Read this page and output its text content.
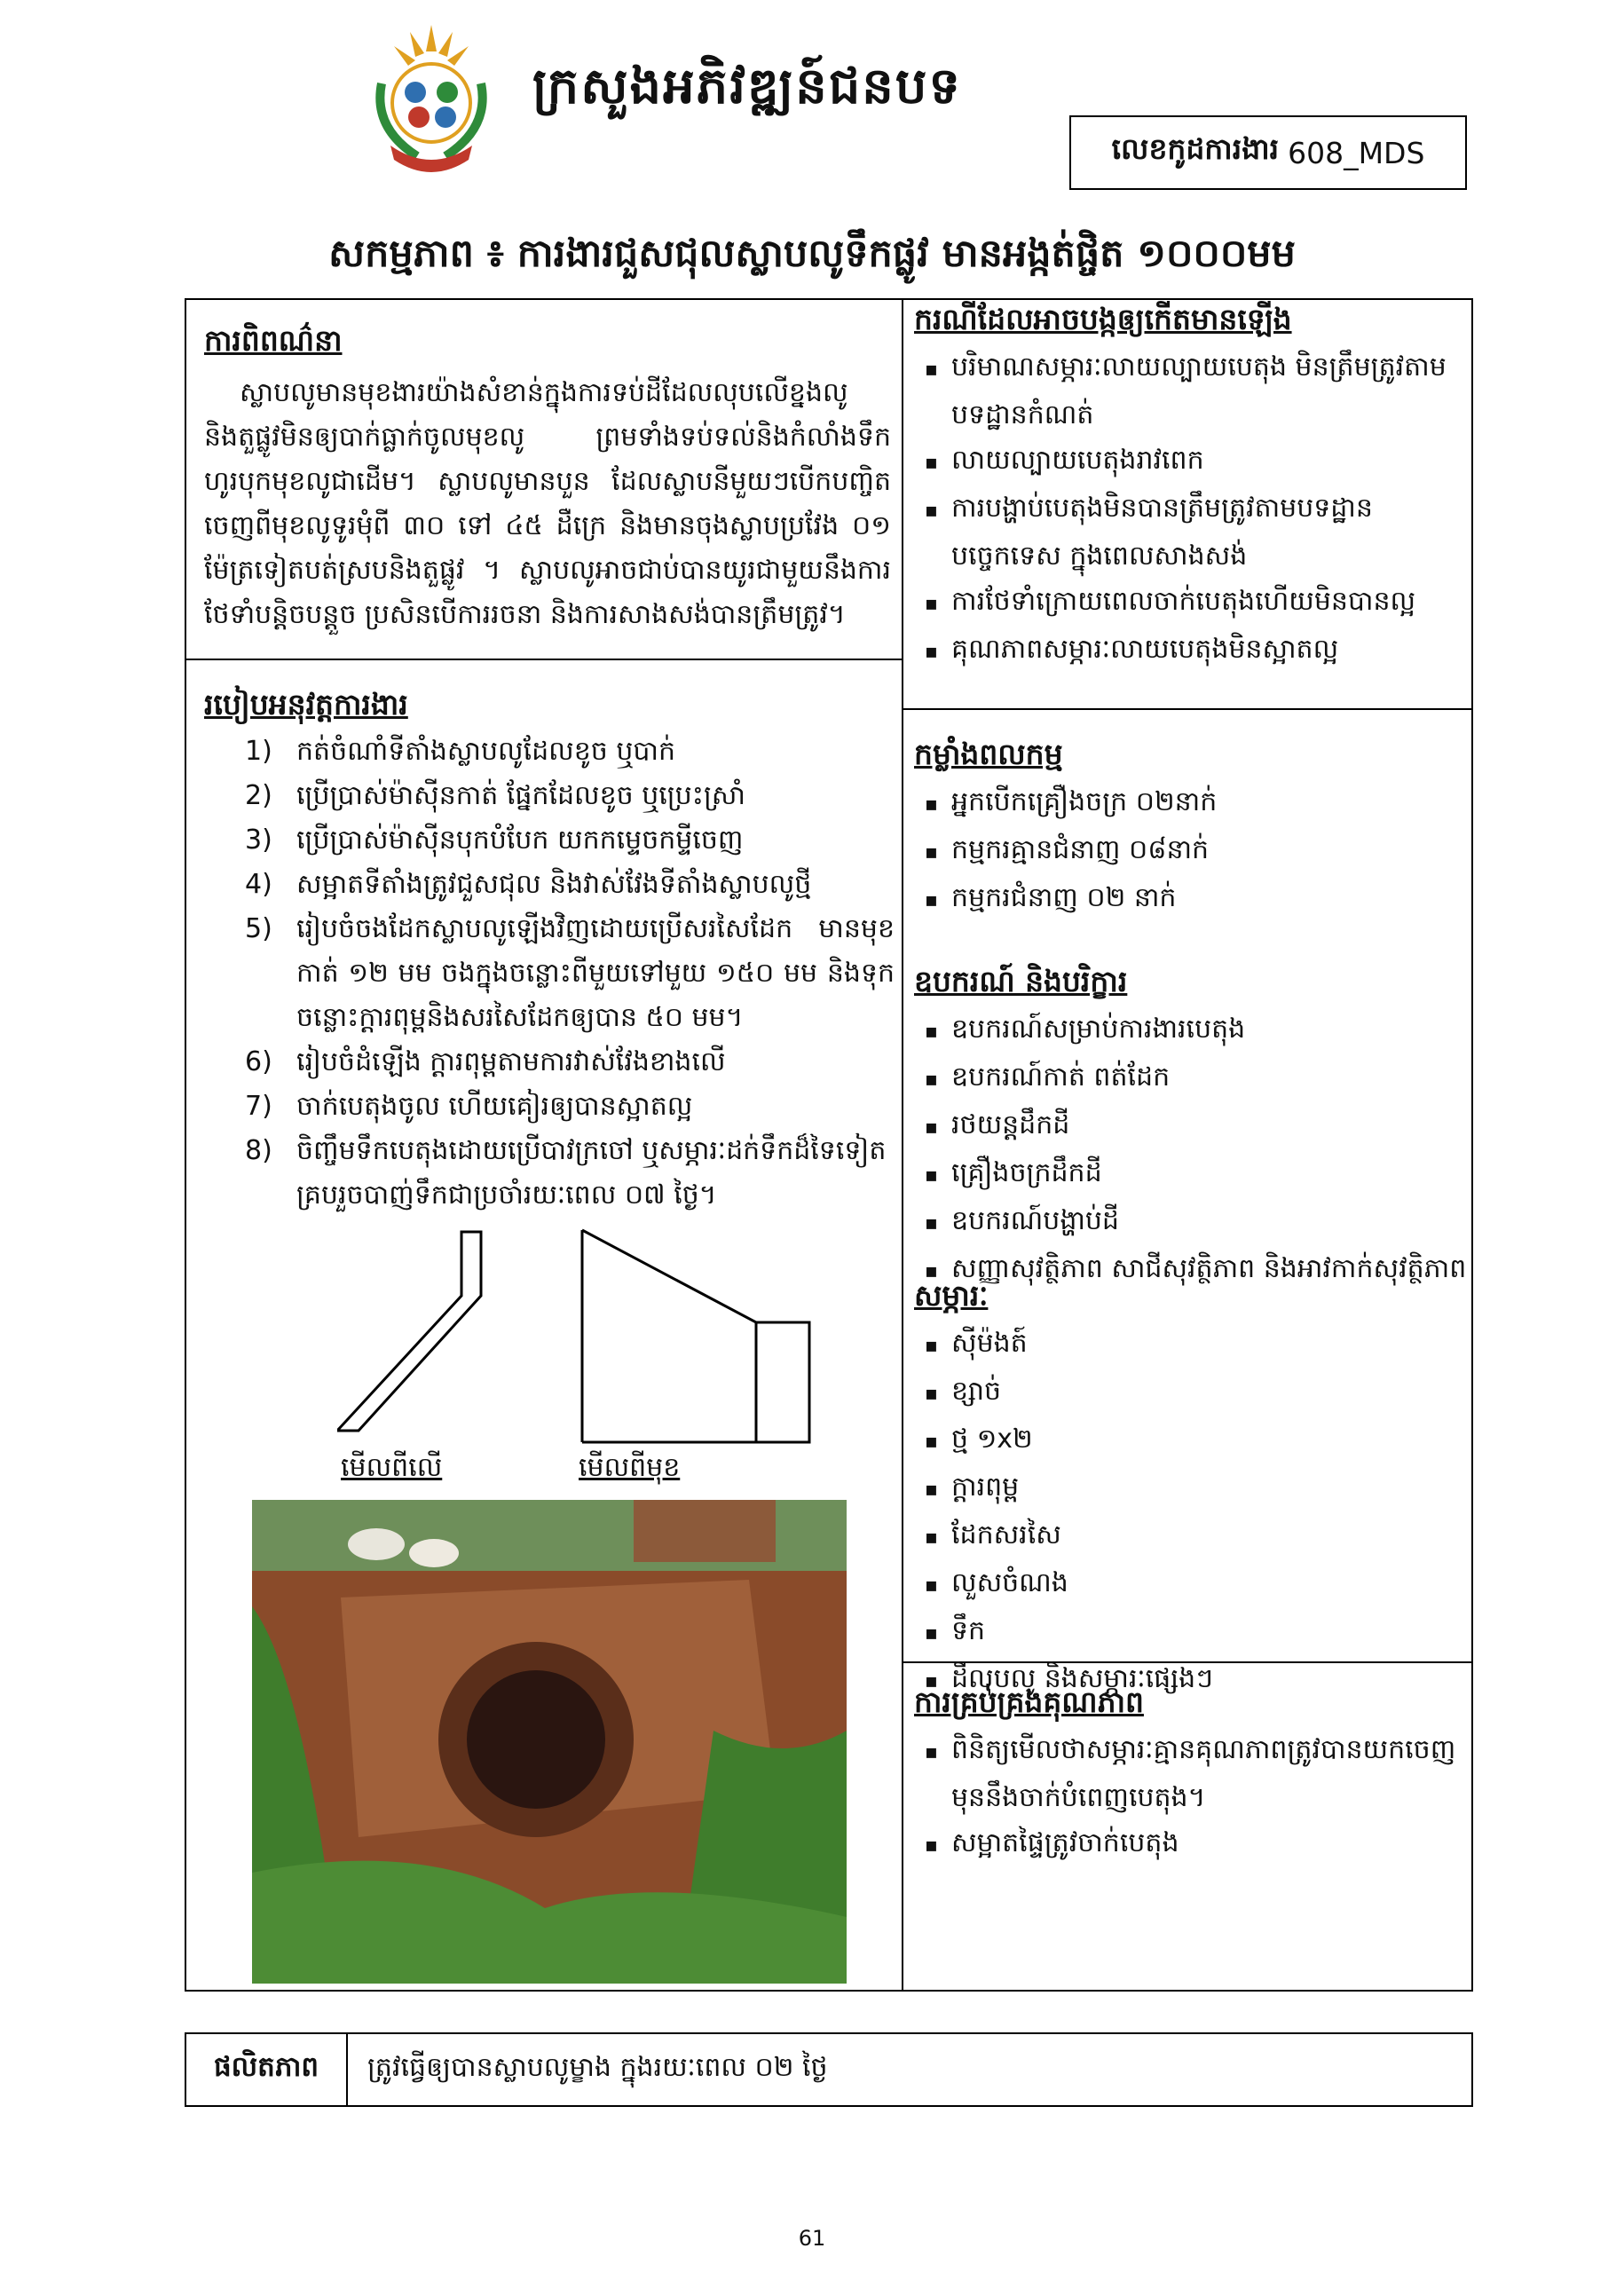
ក្រសួងអភិវឌ្ឍន៍ជនបទ
លេខកូដការងារ 608_MDS
សកម្មភាព ៖ ការងារជួសជុលស្លាបលូទឹកផ្លូវ មានអង្កត់ផ្ចិត ១០០០មម
ការពិពណ៌នា
ស្លាបលូមានមុខងារយ៉ាងសំខាន់ក្នុងការទប់ដីដែលលុបលើខ្នងលូ និងតួផ្លូវមិនឲ្យបាក់ធ្លាក់ចូលមុខលូ ព្រមទាំងទប់ទល់និងកំលាំងទឹកហូរបុកមុខលូជាដើម។ ស្លាបលូមានបួន ដែលស្លាបនីមួយៗបើកបញ្ចិតចេញពីមុខលូទូរមុំពី ៣០ ទៅ ៤៥ ដឺក្រេ និងមានចុងស្លាបប្រវែង ០១ ម៉ែត្រទៀតបត់ស្របនិងតួផ្លូវ ។ ស្លាបលូអាចជាប់បានយូរជាមួយនឹងការថែទាំបន្តិចបន្តួច ប្រសិនបើការរចនា និងការសាងសង់បានត្រឹមត្រូវ។
ករណីដែលអាចបង្កឲ្យកើតមានឡើង
▪ បរិមាណសម្ភារៈលាយល្បាយបេតុង មិនត្រឹមត្រូវតាមបទដ្ឋានកំណត់
▪ លាយល្បាយបេតុងរាវពេក
▪ ការបង្ហាប់បេតុងមិនបានត្រឹមត្រូវតាមបទដ្ឋានបច្ចេកទេស ក្នុងពេលសាងសង់
▪ ការថែទាំក្រោយពេលចាក់បេតុងហើយមិនបានល្អ
▪ គុណភាពសម្ភារៈលាយបេតុងមិនស្អាតល្អ
របៀបអនុវត្តការងារ
1) កត់ចំណាំទីតាំងស្លាបលូដែលខូច ឬបាក់
2) ប្រើប្រាស់ម៉ាស៊ីនកាត់ ផ្នែកដែលខូច ឬប្រេះស្រាំ
3) ប្រើប្រាស់ម៉ាស៊ីនបុកបំបែក យកកម្ទេចកម្ទីចេញ
4) សម្អាតទីតាំងត្រូវជួសជុល និងវាស់វែងទីតាំងស្លាបលូថ្មី
5) រៀបចំចងដែកស្លាបលូឡើងវិញដោយប្រើសរសៃដែក មានមុខកាត់ ១២ មម ចងក្នុងចន្លោះពីមួយទៅមួយ ១៥០ មម និងទុកចន្លោះក្តារពុម្ពនិងសរសៃដែកឲ្យបាន ៥០ មម។
6) រៀបចំដំឡើង ក្តារពុម្ពតាមការវាស់វែងខាងលើ
7) ចាក់បេតុងចូល ហើយគៀរឲ្យបានស្អាតល្អ
8) ចិញ្ចឹមទឹកបេតុងដោយប្រើបាវក្រចៅ ឬសម្ភារៈដក់ទឹកដ៏ទៃទៀត គ្របរួចបាញ់ទឹកជាប្រចាំរយៈពេល ០៧ ថ្ងៃ។
មើលពីលើ	មើលពីមុខ
កម្លាំងពលកម្ម
▪ អ្នកបើកគ្រឿងចក្រ ០២នាក់
▪ កម្មករគ្មានជំនាញ ០៨នាក់
▪ កម្មករជំនាញ ០២ នាក់
ឧបករណ៍ និងបរិក្ខារ
▪ ឧបករណ៍សម្រាប់ការងារបេតុង
▪ ឧបករណ៍កាត់ ពត់ដែក
▪ រថយន្តដឹកដី
▪ គ្រឿងចក្រដឹកដី
▪ ឧបករណ៍បង្ហាប់ដី
▪ សញ្ញាសុវត្ថិភាព សាជីសុវត្ថិភាព និងអាវកាក់សុវត្ថិភាព
សម្ភារៈ
▪ ស៊ីម៉ងត៍
▪ ខ្សាច់
▪ ថ្ម ១x២
▪ ក្តារពុម្ព
▪ ដែកសរសៃ
▪ លួសចំណង
▪ ទឹក
▪ ដីលុបលូ និងសម្ភារៈផ្សេងៗ
ការគ្រប់គ្រងគុណភាព
▪ ពិនិត្យមើលថាសម្ភារៈគ្មានគុណភាពត្រូវបានយកចេញមុននឹងចាក់បំពេញបេតុង។
▪ សម្អាតផ្ទៃត្រូវចាក់បេតុង
ផលិតភាព	ត្រូវធ្វើឲ្យបានស្លាបលូម្ខាង ក្នុងរយៈពេល ០២ ថ្ងៃ
61
